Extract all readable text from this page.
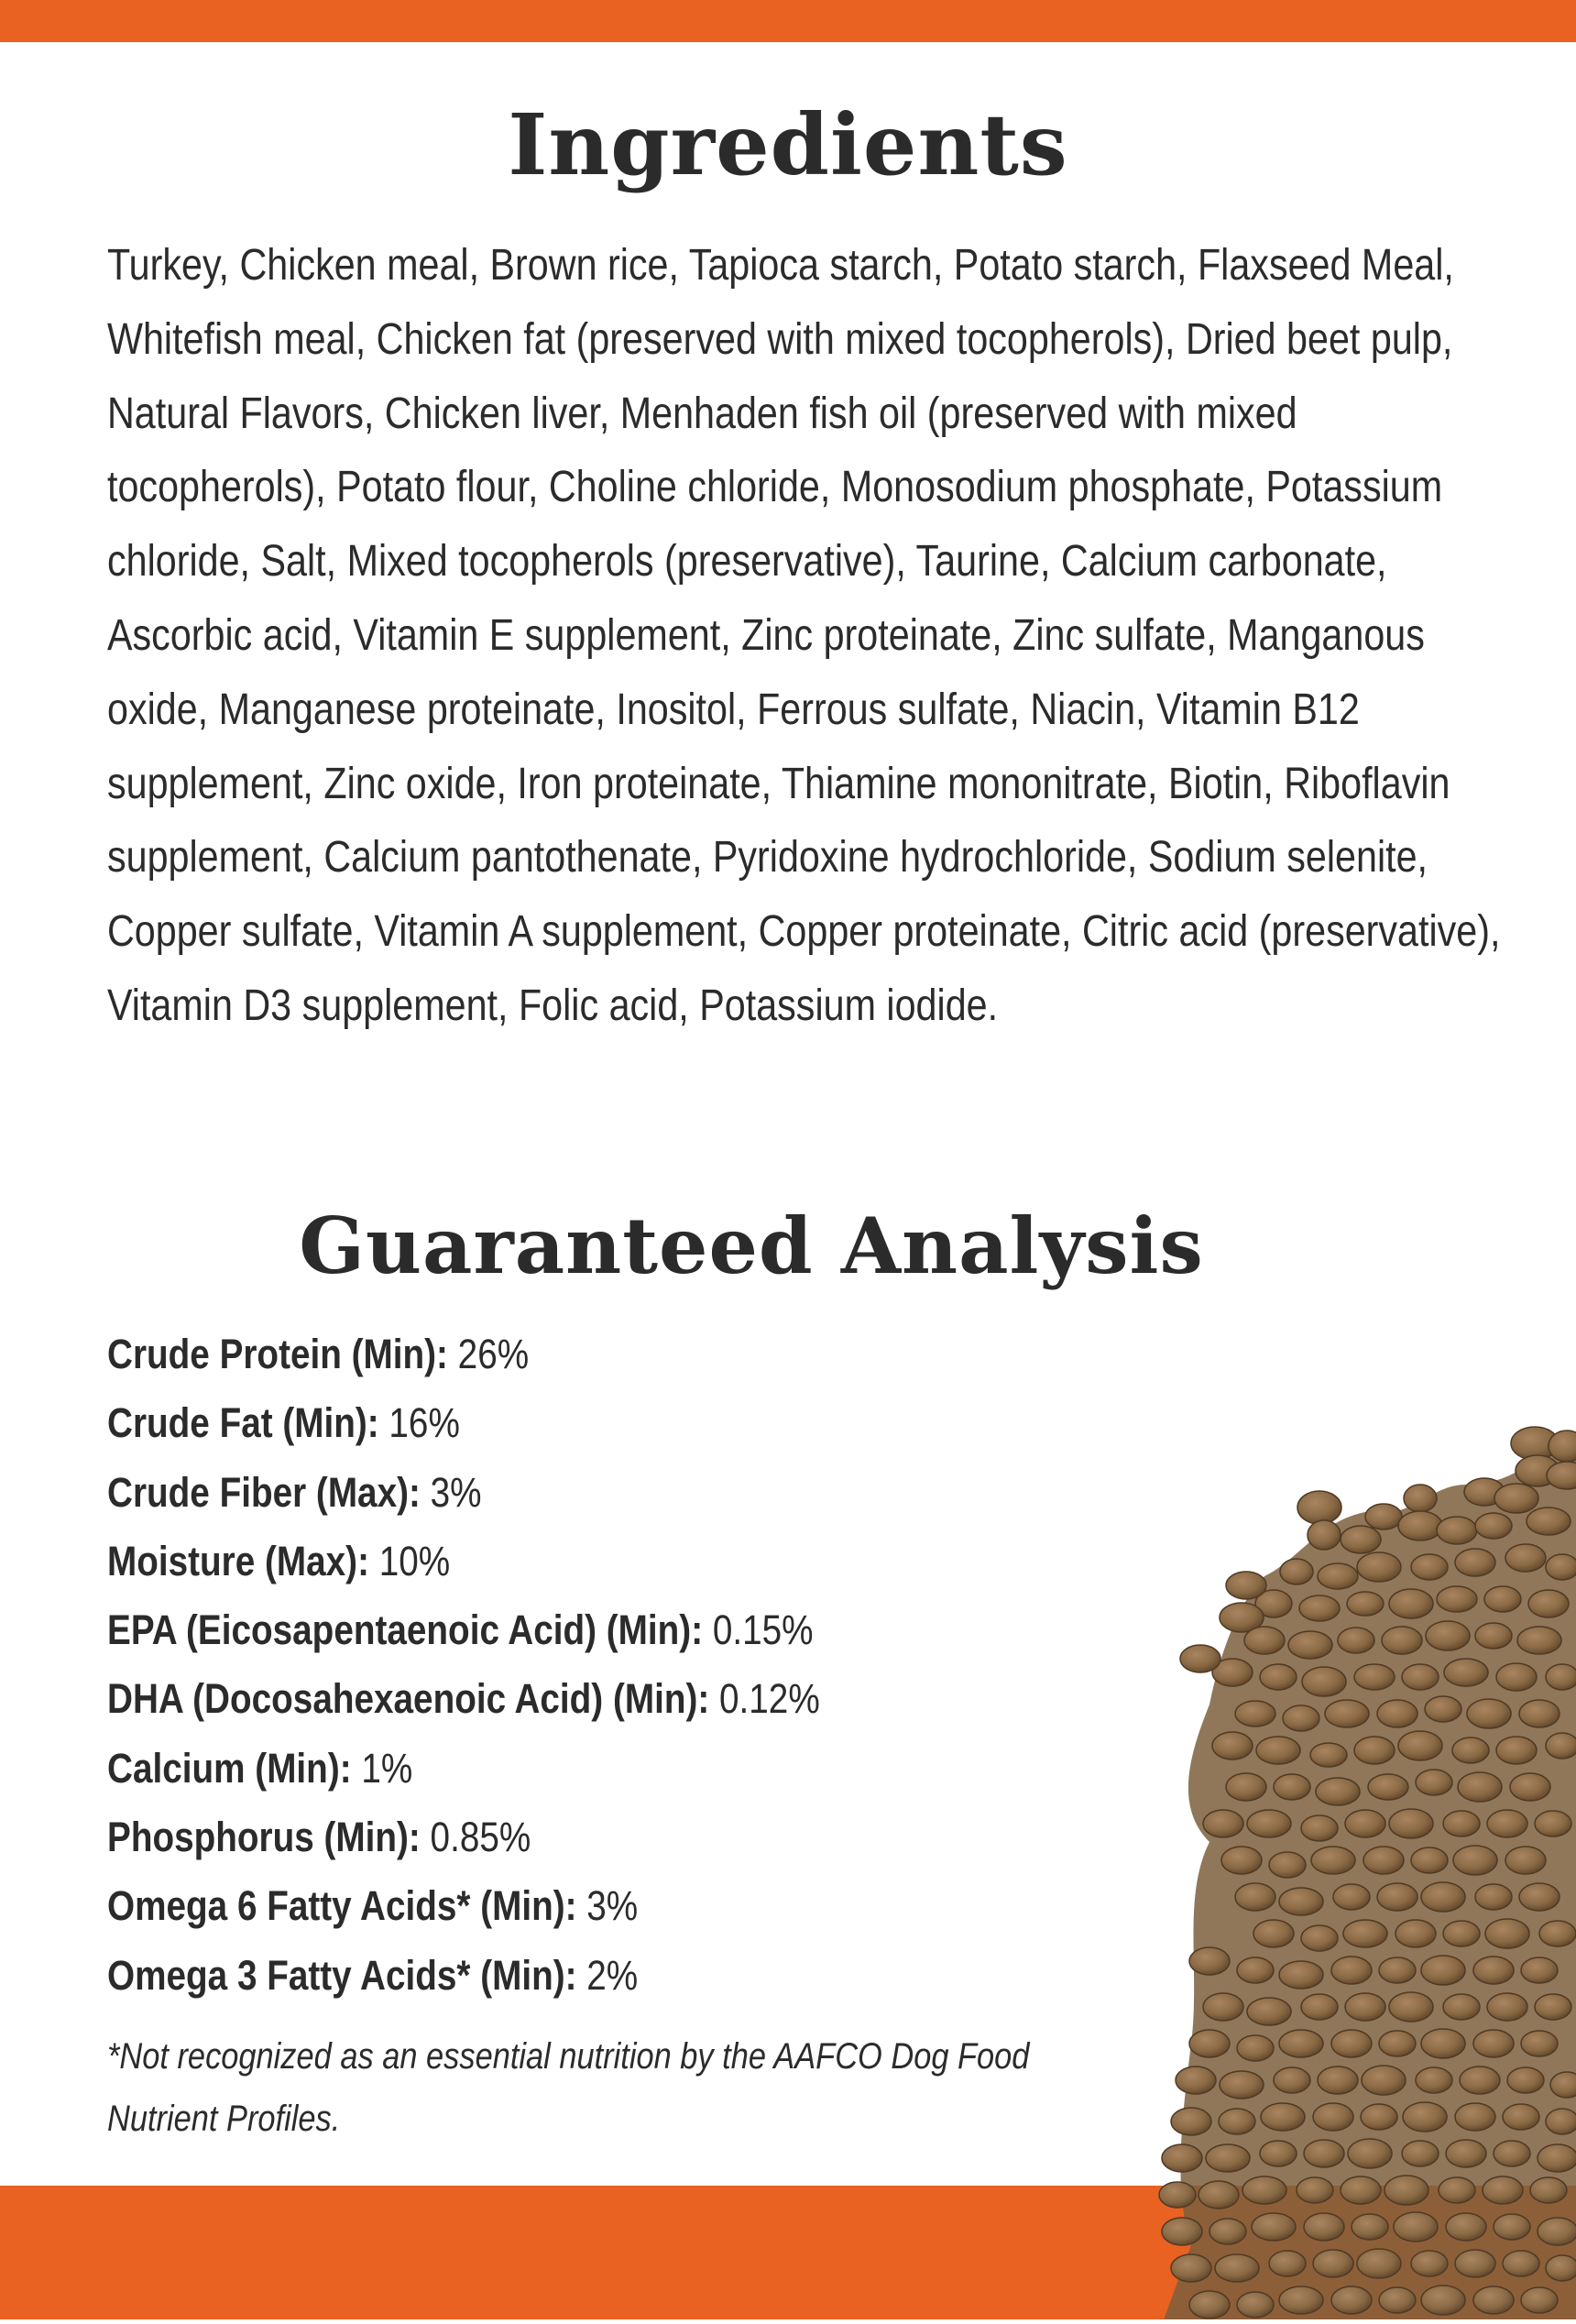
Ingredients

Turkey, Chicken meal, Brown rice, Tapioca starch, Potato starch, Flaxseed Meal, Whitefish meal, Chicken fat (preserved with mixed tocopherols), Dried beet pulp, Natural Flavors, Chicken liver, Menhaden fish oil (preserved with mixed tocopherols), Potato flour, Choline chloride, Monosodium phosphate, Potassium chloride, Salt, Mixed tocopherols (preservative), Taurine, Calcium carbonate, Ascorbic acid, Vitamin E supplement, Zinc proteinate, Zinc sulfate, Manganous oxide, Manganese proteinate, Inositol, Ferrous sulfate, Niacin, Vitamin B12 supplement, Zinc oxide, Iron proteinate, Thiamine mononitrate, Biotin, Riboflavin supplement, Calcium pantothenate, Pyridoxine hydrochloride, Sodium selenite, Copper sulfate, Vitamin A supplement, Copper proteinate, Citric acid (preservative), Vitamin D3 supplement, Folic acid, Potassium iodide.

Guaranteed Analysis
Crude Protein (Min): 26%
Crude Fat (Min): 16%
Crude Fiber (Max): 3%
Moisture (Max): 10%
EPA (Eicosapentaenoic Acid) (Min): 0.15%
DHA (Docosahexaenoic Acid) (Min): 0.12%
Calcium (Min): 1%
Phosphorus (Min): 0.85%
Omega 6 Fatty Acids* (Min): 3%
Omega 3 Fatty Acids* (Min): 2%

*Not recognized as an essential nutrition by the AAFCO Dog Food Nutrient Profiles.
